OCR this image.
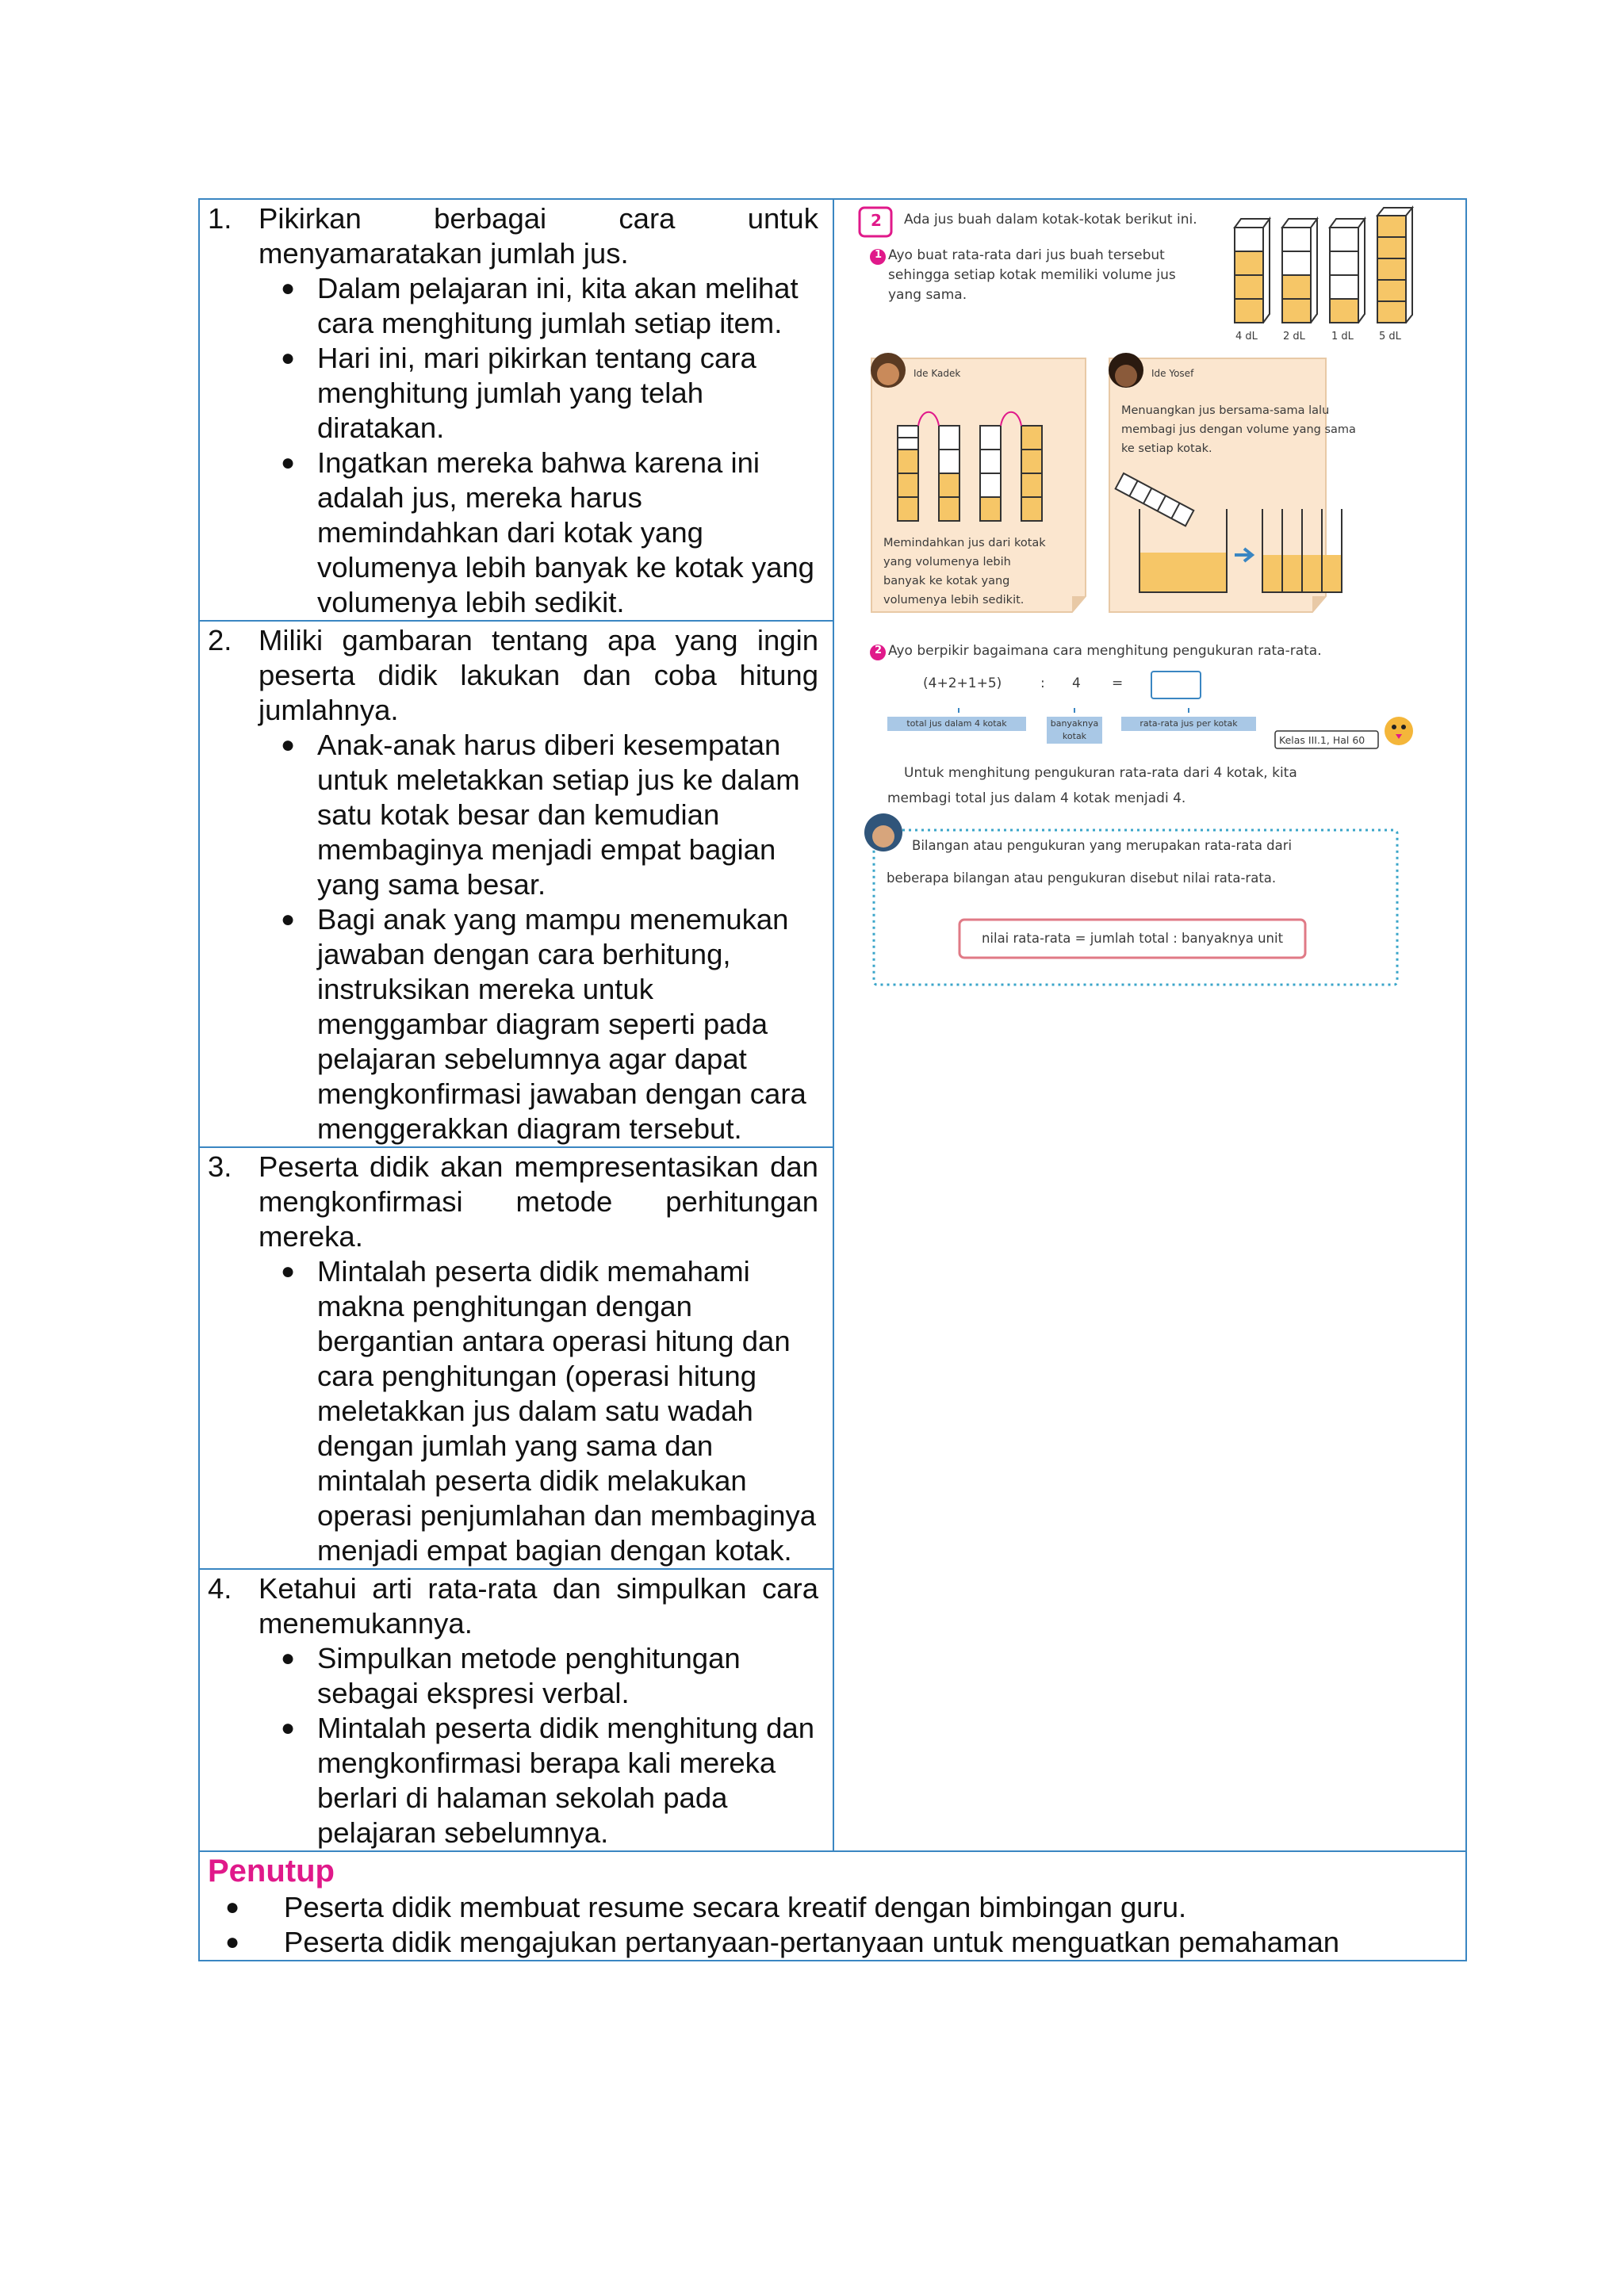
1. Pikirkan berbagai cara untuk menyamaratakan jumlah jus.
● Dalam pelajaran ini, kita akan melihat cara menghitung jumlah setiap item.
● Hari ini, mari pikirkan tentang cara menghitung jumlah yang telah diratakan.
● Ingatkan mereka bahwa karena ini adalah jus, mereka harus memindahkan dari kotak yang volumenya lebih banyak ke kotak yang volumenya lebih sedikit.
2. Miliki gambaran tentang apa yang ingin peserta didik lakukan dan coba hitung jumlahnya.
● Anak-anak harus diberi kesempatan untuk meletakkan setiap jus ke dalam satu kotak besar dan kemudian membaginya menjadi empat bagian yang sama besar.
● Bagi anak yang mampu menemukan jawaban dengan cara berhitung, instruksikan mereka untuk menggambar diagram seperti pada pelajaran sebelumnya agar dapat mengkonfirmasi jawaban dengan cara menggerakkan diagram tersebut.
3. Peserta didik akan mempresentasikan dan mengkonfirmasi metode perhitungan mereka.
● Mintalah peserta didik memahami makna penghitungan dengan bergantian antara operasi hitung dan cara penghitungan (operasi hitung meletakkan jus dalam satu wadah dengan jumlah yang sama dan mintalah peserta didik melakukan operasi penjumlahan dan membaginya menjadi empat bagian dengan kotak.
4. Ketahui arti rata-rata dan simpulkan cara menemukannya.
● Simpulkan metode penghitungan sebagai ekspresi verbal.
● Mintalah peserta didik menghitung dan mengkonfirmasi berapa kali mereka berlari di halaman sekolah pada pelajaran sebelumnya.

2 Ada jus buah dalam kotak-kotak berikut ini.
1 Ayo buat rata-rata dari jus buah tersebut
sehingga setiap kotak memiliki volume jus
yang sama.
4 dL 2 dL	1 dL 5 dL
Ide Kadek
Memindahkan jus dari kotak
yang volumenya lebih
banyak ke kotak yang
volumenya lebih sedikit.
Ide Yosef
Menuangkan jus bersama-sama lalu
membagi jus dengan volume yang sama
ke setiap kotak.
2 Ayo berpikir bagaimana cara menghitung pengukuran rata-rata.
(4+2+1+5)	: 4 =
total jus dalam 4 kotak	banyaknya
kotak
rata-rata jus per kotak
Kelas III.1, Hal 60
Untuk menghitung pengukuran rata-rata dari 4 kotak, kita
membagi total jus dalam 4 kotak menjadi 4.
Bilangan atau pengukuran yang merupakan rata-rata dari
beberapa bilangan atau pengukuran disebut nilai rata-rata.
nilai rata-rata = jumlah total : banyaknya unit

Penutup
●	Peserta didik membuat resume secara kreatif dengan bimbingan guru.
●	Peserta didik mengajukan pertanyaan-pertanyaan untuk menguatkan pemahaman
